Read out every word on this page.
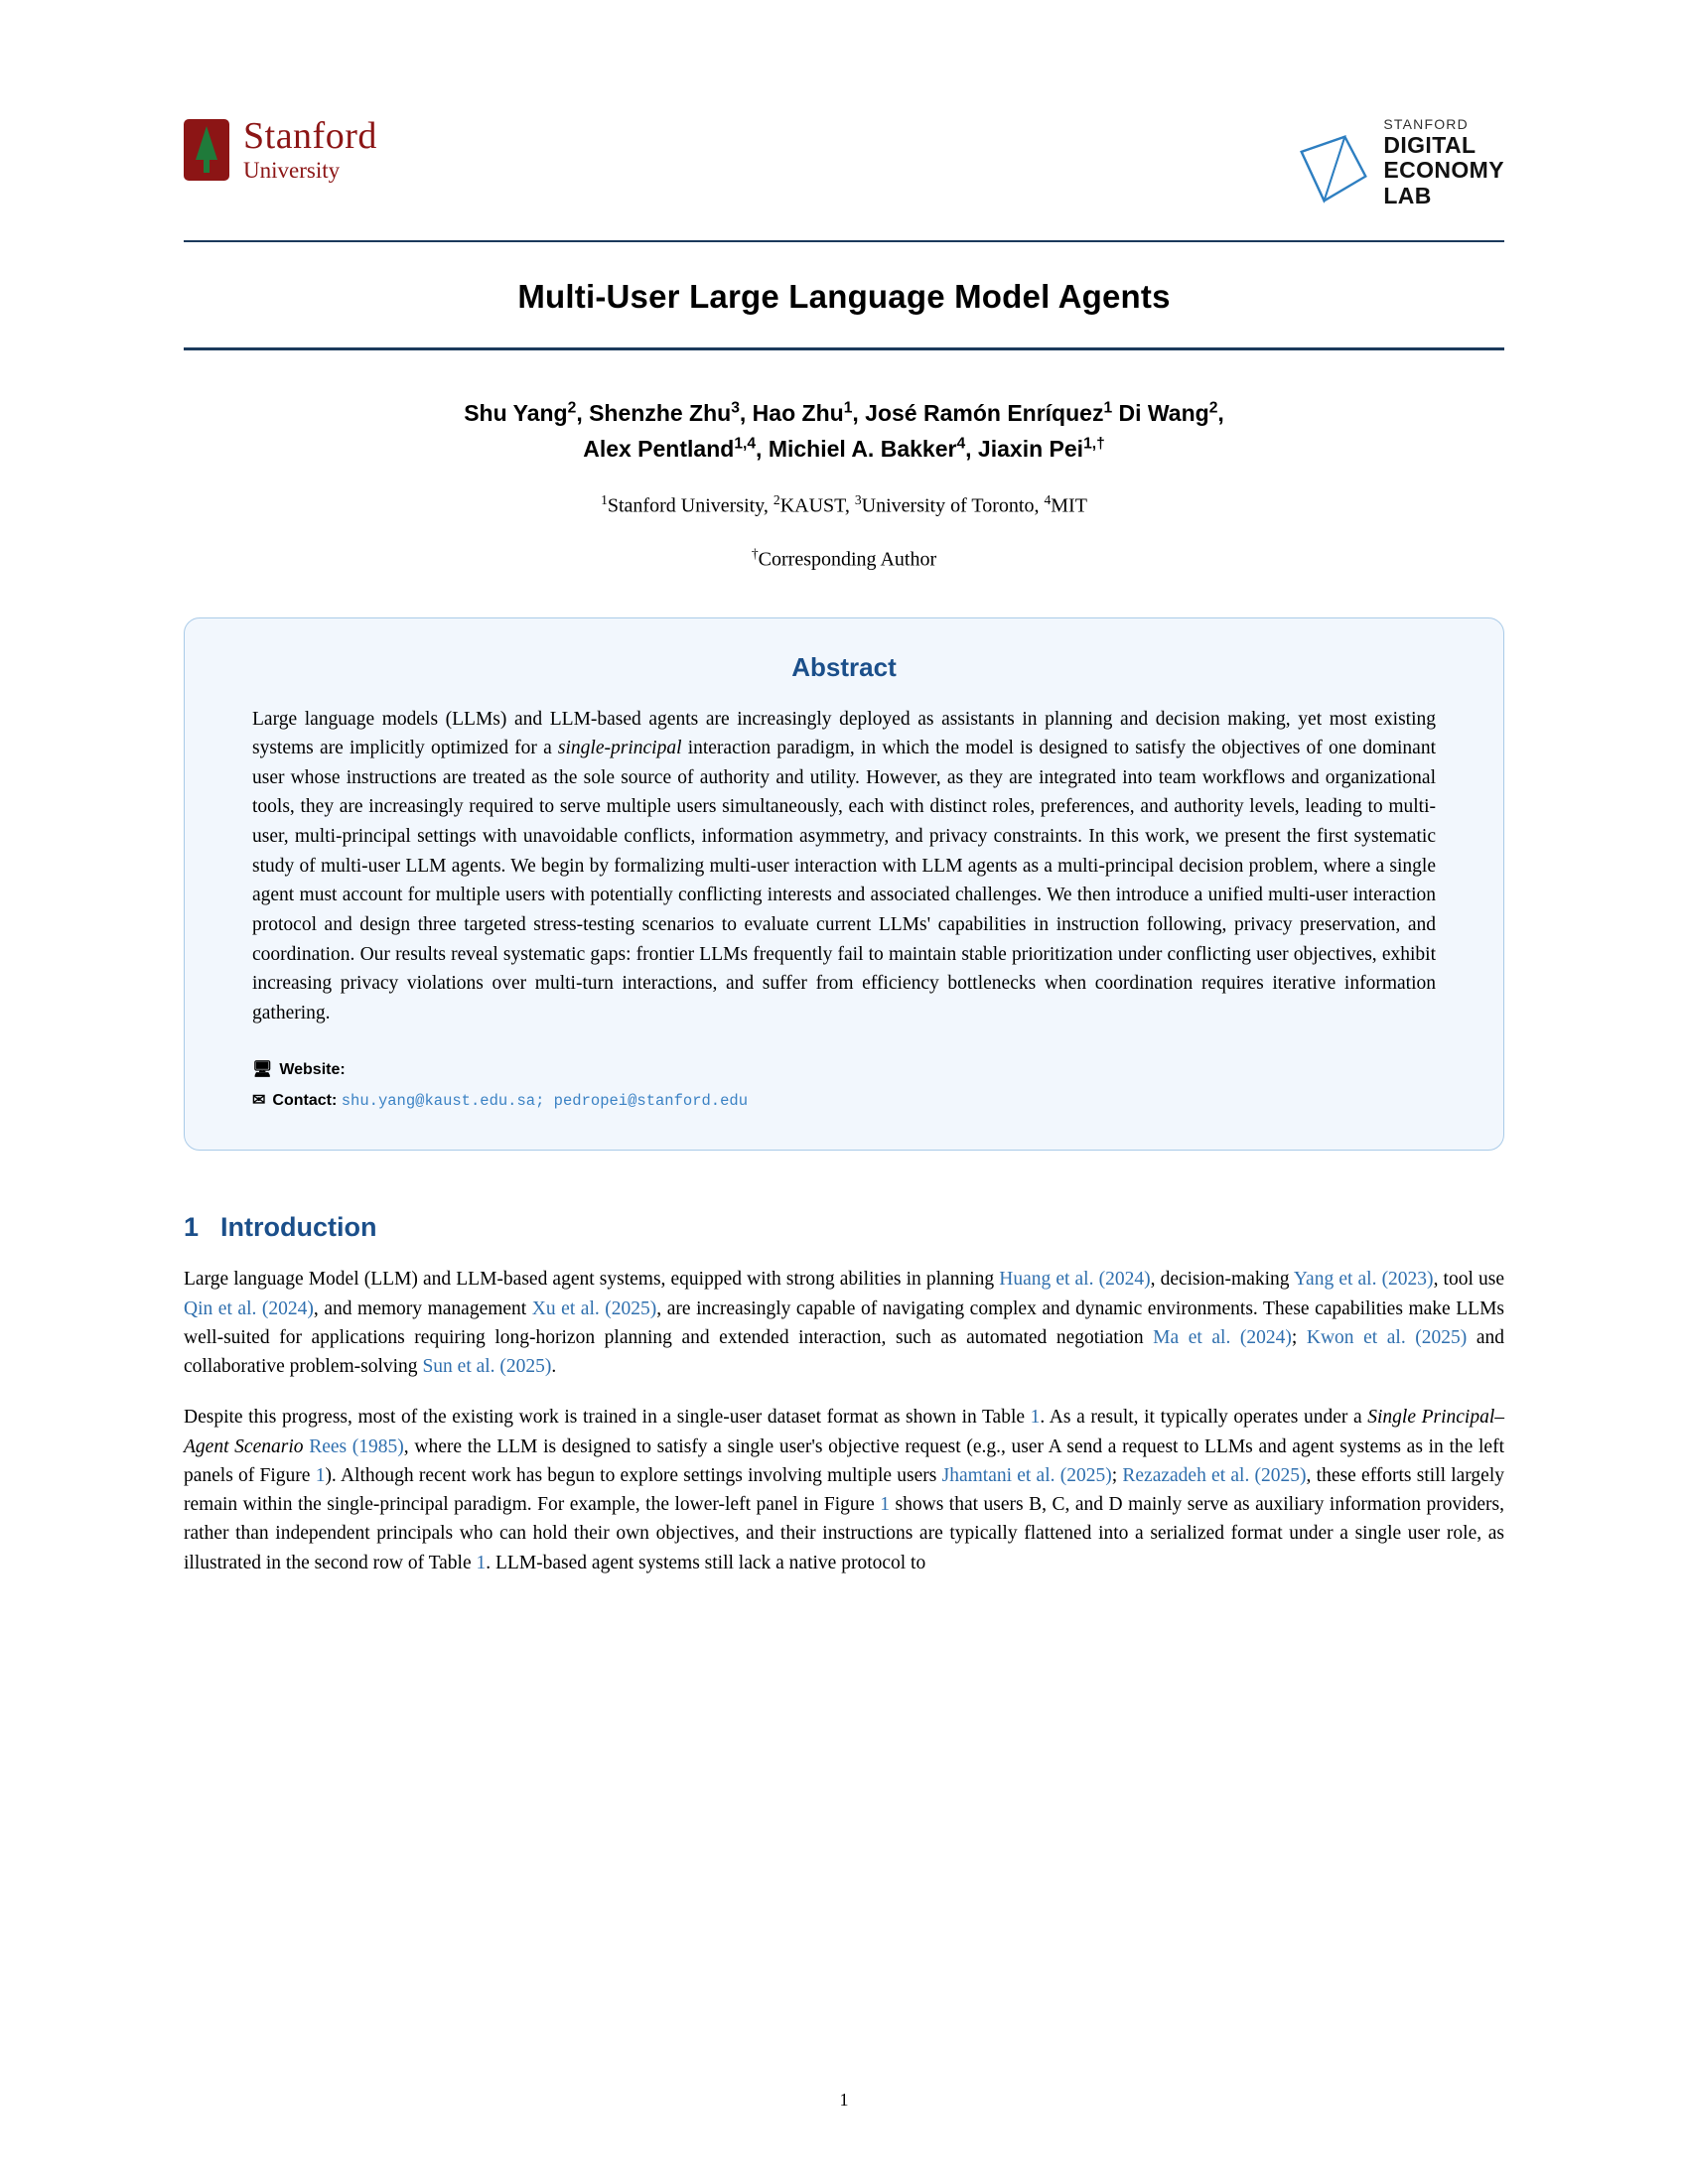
Stanford
University
STANFORD
DIGITAL
ECONOMY
LAB
Multi-User Large Language Model Agents
Shu Yang$^2$, Shenzhe Zhu$^3$, Hao Zhu$^1$, José Ramón Enríquez$^1$ Di Wang$^2$,
Alex Pentland$^{1,4}$, Michiel A. Bakker$^4$, Jiaxin Pei$^{1,\dagger}$
$^1$Stanford University, $^2$KAUST, $^3$University of Toronto, $^4$MIT
†Corresponding Author
Abstract
Large language models (LLMs) and LLM-based agents are increasingly deployed as assistants in planning and decision making, yet most existing systems are implicitly optimized for a single-principal interaction paradigm, in which the model is designed to satisfy the objectives of one dominant user whose instructions are treated as the sole source of authority and utility. However, as they are integrated into team workflows and organizational tools, they are increasingly required to serve multiple users simultaneously, each with distinct roles, preferences, and authority levels, leading to multi-user, multi-principal settings with unavoidable conflicts, information asymmetry, and privacy constraints. In this work, we present the first systematic study of multi-user LLM agents. We begin by formalizing multi-user interaction with LLM agents as a multi-principal decision problem, where a single agent must account for multiple users with potentially conflicting interests and associated challenges. We then introduce a unified multi-user interaction protocol and design three targeted stress-testing scenarios to evaluate current LLMs' capabilities in instruction following, privacy preservation, and coordination. Our results reveal systematic gaps: frontier LLMs frequently fail to maintain stable prioritization under conflicting user objectives, exhibit increasing privacy violations over multi-turn interactions, and suffer from efficiency bottlenecks when coordination requires iterative information gathering.
🖥 Website:
✉ Contact: shu.yang@kaust.edu.sa; pedropei@stanford.edu
1 Introduction

Large language Model (LLM) and LLM-based agent systems, equipped with strong abilities in planning Huang et al. (2024), decision-making Yang et al. (2023), tool use Qin et al. (2024), and memory management Xu et al. (2025), are increasingly capable of navigating complex and dynamic environments. These capabilities make LLMs well-suited for applications requiring long-horizon planning and extended interaction, such as automated negotiation Ma et al. (2024); Kwon et al. (2025) and collaborative problem-solving Sun et al. (2025).

Despite this progress, most of the existing work is trained in a single-user dataset format as shown in Table 1. As a result, it typically operates under a Single Principal–Agent Scenario Rees (1985), where the LLM is designed to satisfy a single user's objective request (e.g., user A send a request to LLMs and agent systems as in the left panels of Figure 1). Although recent work has begun to explore settings involving multiple users Jhamtani et al. (2025); Rezazadeh et al. (2025), these efforts still largely remain within the single-principal paradigm. For example, the lower-left panel in Figure 1 shows that users B, C, and D mainly serve as auxiliary information providers, rather than independent principals who can hold their own objectives, and their instructions are typically flattened into a serialized format under a single user role, as illustrated in the second row of Table 1. LLM-based agent systems still lack a native protocol to

1
